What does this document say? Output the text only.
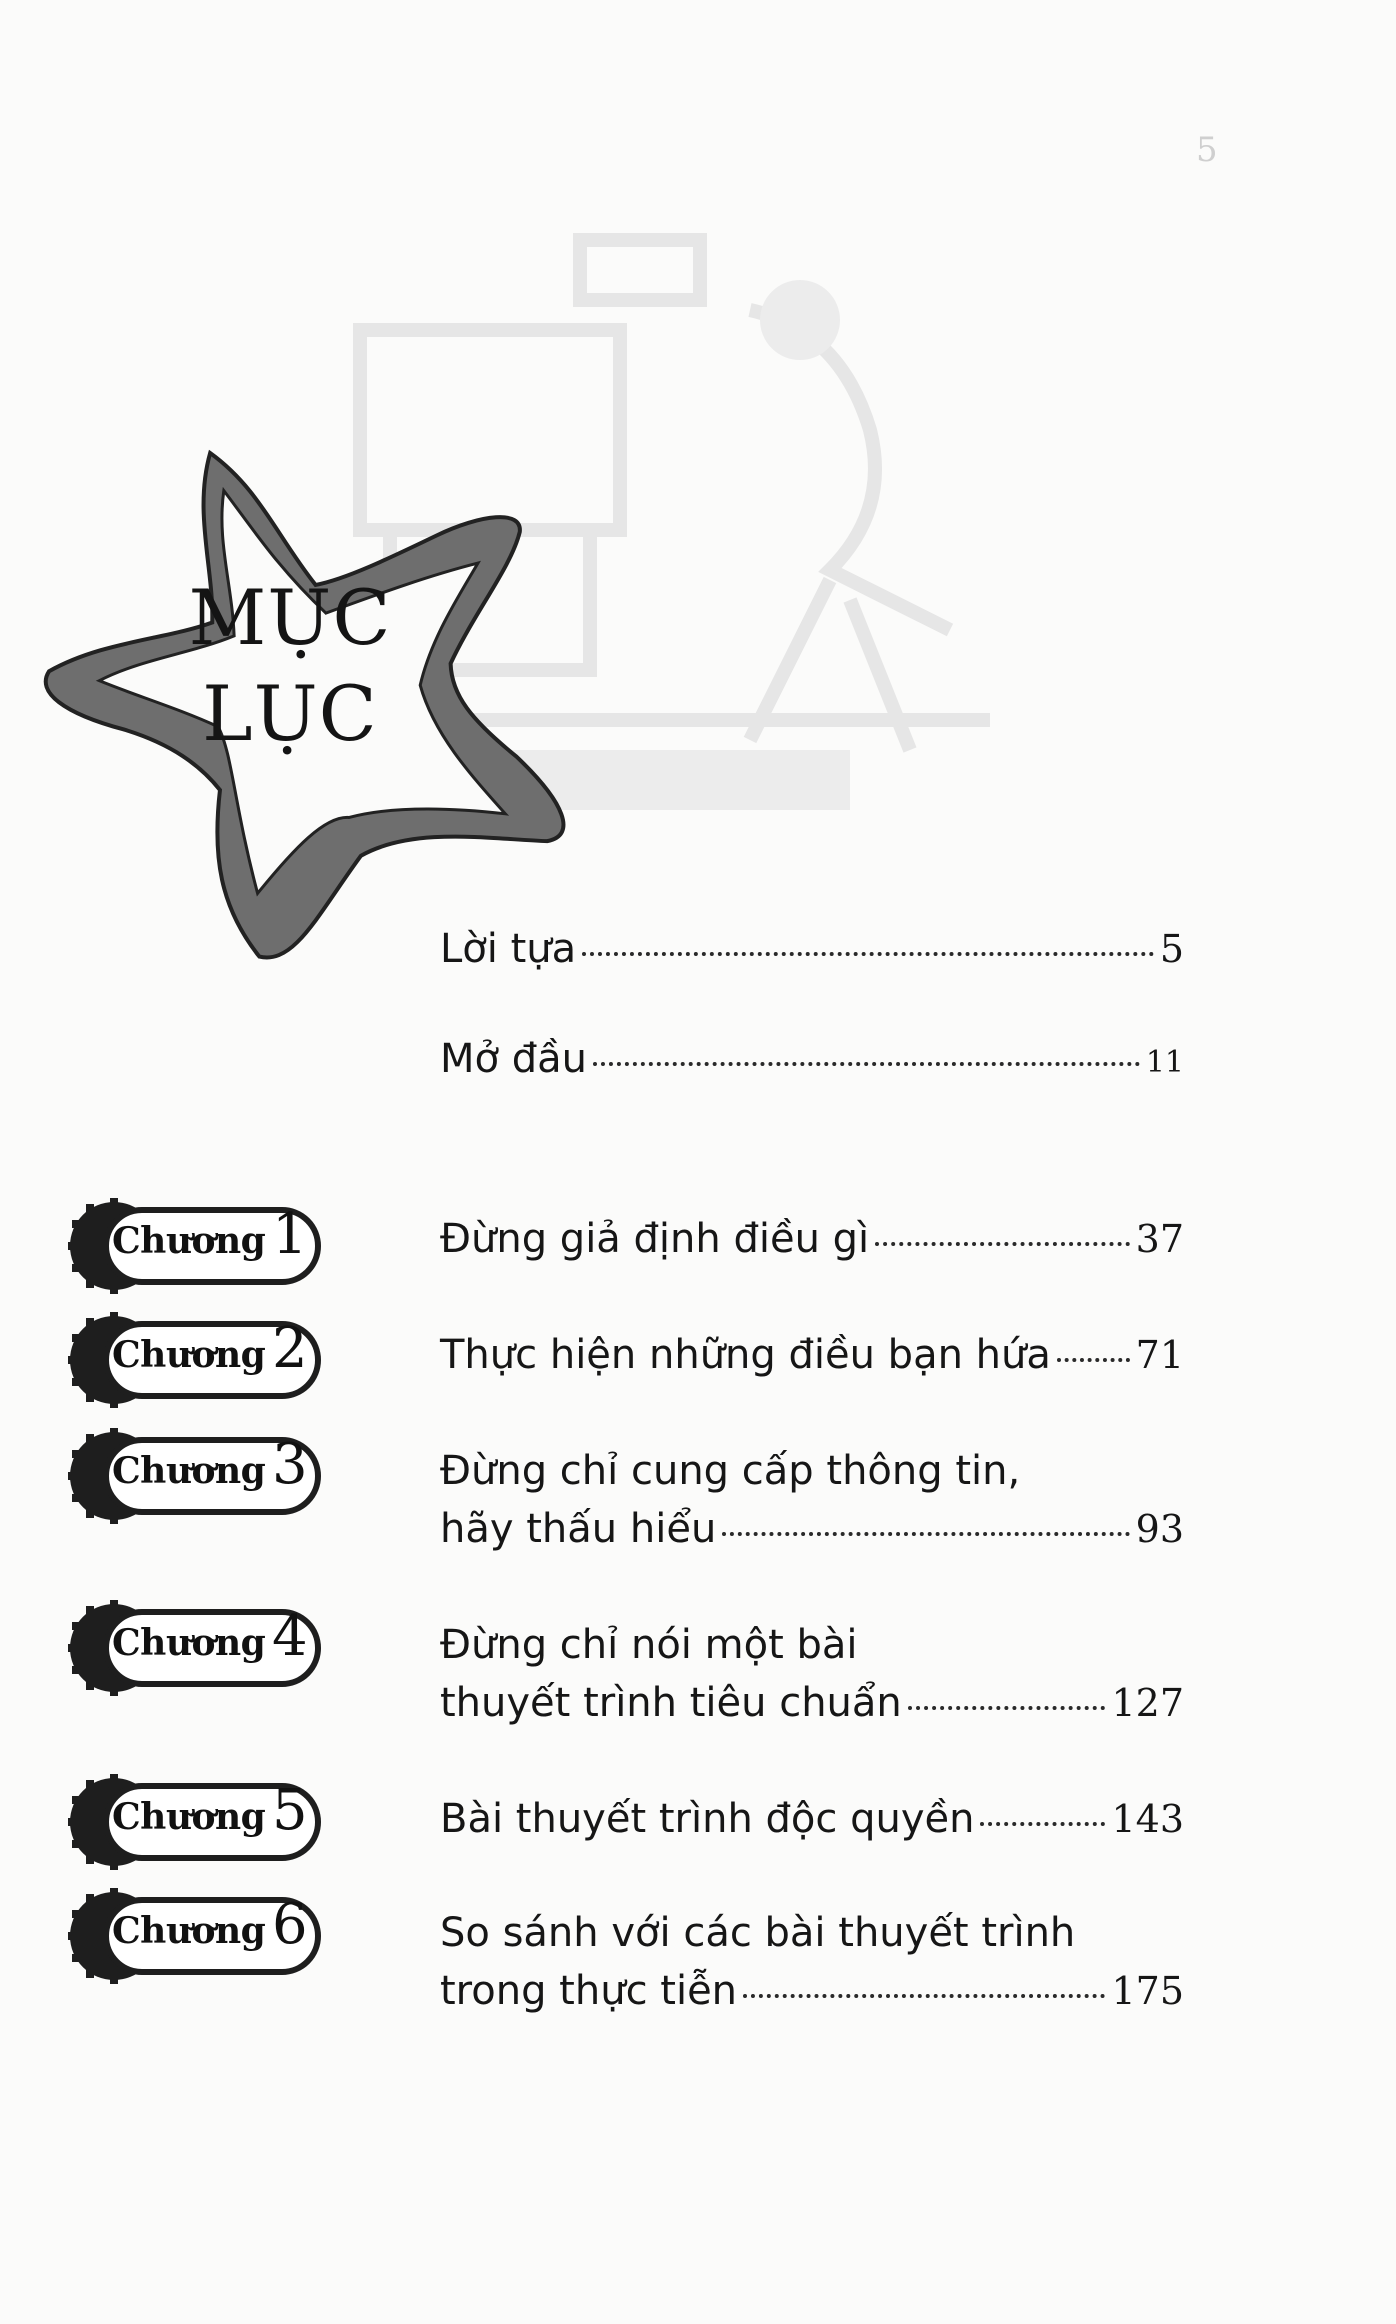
5
MỤC
LỤC
Lời tựa	5
Mở đầu	11
Chương 1	Đừng giả định điều gì	37
Chương 2	Thực hiện những điều bạn hứa 71
Chương 3	Đừng chỉ cung cấp thông tin,
hãy thấu hiểu	93
Chương 4	Đừng chỉ nói một bài
thuyết trình tiêu chuẩn	127
Chương 5	Bài thuyết trình độc quyền	143
Chương 6	So sánh với các bài thuyết trình
trong thực tiễn	175
